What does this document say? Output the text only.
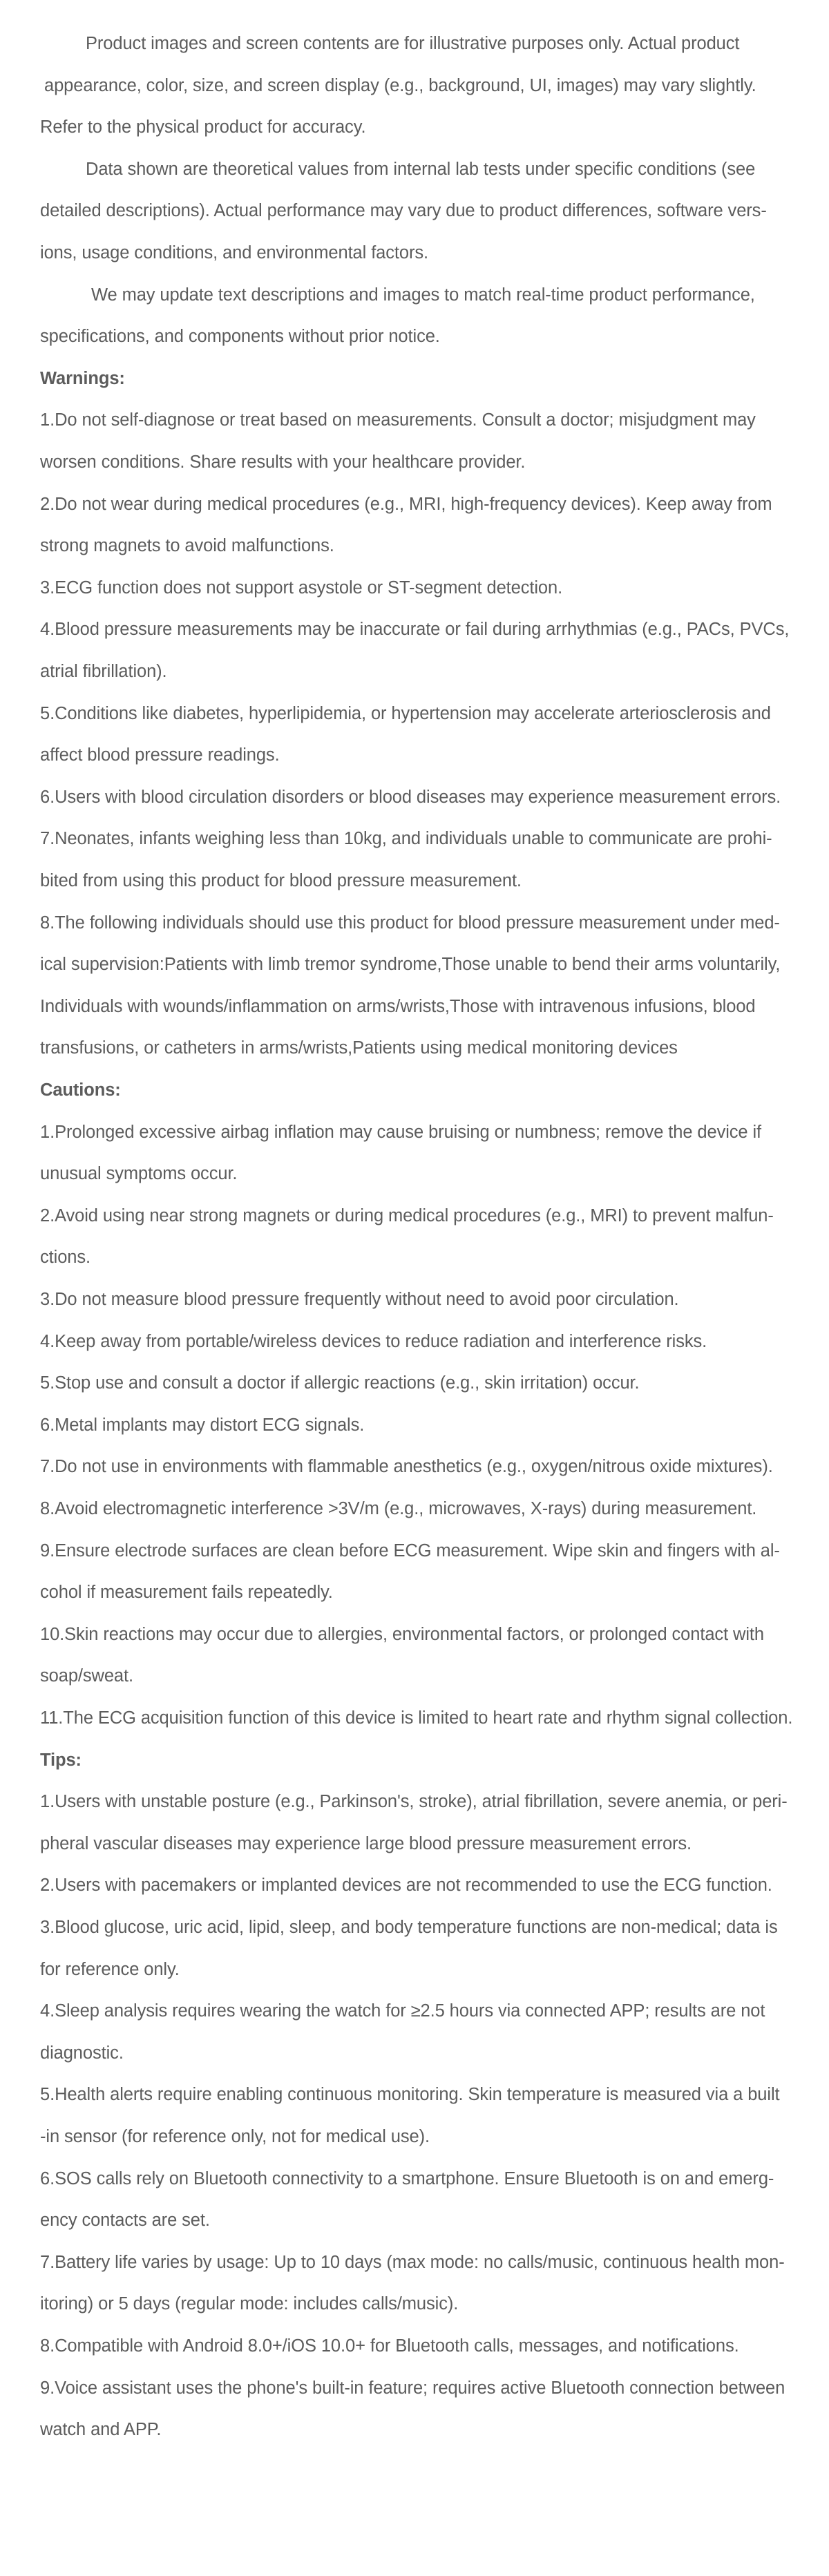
Product images and screen contents are for illustrative purposes only. Actual product
appearance, color, size, and screen display (e.g., background, UI, images) may vary slightly.
Refer to the physical product for accuracy.
Data shown are theoretical values from internal lab tests under specific conditions (see
detailed descriptions). Actual performance may vary due to product differences, software vers-
ions, usage conditions, and environmental factors.
We may update text descriptions and images to match real-time product performance,
specifications, and components without prior notice.
Warnings:
1.Do not self-diagnose or treat based on measurements. Consult a doctor; misjudgment may
worsen conditions. Share results with your healthcare provider.
2.Do not wear during medical procedures (e.g., MRI, high-frequency devices). Keep away from
strong magnets to avoid malfunctions.
3.ECG function does not support asystole or ST-segment detection.
4.Blood pressure measurements may be inaccurate or fail during arrhythmias (e.g., PACs, PVCs,
atrial fibrillation).
5.Conditions like diabetes, hyperlipidemia, or hypertension may accelerate arteriosclerosis and
affect blood pressure readings.
6.Users with blood circulation disorders or blood diseases may experience measurement errors.
7.Neonates, infants weighing less than 10kg, and individuals unable to communicate are prohi-
bited from using this product for blood pressure measurement.
8.The following individuals should use this product for blood pressure measurement under med-
ical supervision:Patients with limb tremor syndrome,Those unable to bend their arms voluntarily,
Individuals with wounds/inflammation on arms/wrists,Those with intravenous infusions, blood
transfusions, or catheters in arms/wrists,Patients using medical monitoring devices
Cautions:
1.Prolonged excessive airbag inflation may cause bruising or numbness; remove the device if
unusual symptoms occur.
2.Avoid using near strong magnets or during medical procedures (e.g., MRI) to prevent malfun-
ctions.
3.Do not measure blood pressure frequently without need to avoid poor circulation.
4.Keep away from portable/wireless devices to reduce radiation and interference risks.
5.Stop use and consult a doctor if allergic reactions (e.g., skin irritation) occur.
6.Metal implants may distort ECG signals.
7.Do not use in environments with flammable anesthetics (e.g., oxygen/nitrous oxide mixtures).
8.Avoid electromagnetic interference >3V/m (e.g., microwaves, X-rays) during measurement.
9.Ensure electrode surfaces are clean before ECG measurement. Wipe skin and fingers with al-
cohol if measurement fails repeatedly.
10.Skin reactions may occur due to allergies, environmental factors, or prolonged contact with
soap/sweat.
11.The ECG acquisition function of this device is limited to heart rate and rhythm signal collection.
Tips:
1.Users with unstable posture (e.g., Parkinson's, stroke), atrial fibrillation, severe anemia, or peri-
pheral vascular diseases may experience large blood pressure measurement errors.
2.Users with pacemakers or implanted devices are not recommended to use the ECG function.
3.Blood glucose, uric acid, lipid, sleep, and body temperature functions are non-medical; data is
for reference only.
4.Sleep analysis requires wearing the watch for ≥2.5 hours via connected APP; results are not
diagnostic.
5.Health alerts require enabling continuous monitoring. Skin temperature is measured via a built
-in sensor (for reference only, not for medical use).
6.SOS calls rely on Bluetooth connectivity to a smartphone. Ensure Bluetooth is on and emerg-
ency contacts are set.
7.Battery life varies by usage: Up to 10 days (max mode: no calls/music, continuous health mon-
itoring) or 5 days (regular mode: includes calls/music).
8.Compatible with Android 8.0+/iOS 10.0+ for Bluetooth calls, messages, and notifications.
9.Voice assistant uses the phone's built-in feature; requires active Bluetooth connection between
watch and APP.
